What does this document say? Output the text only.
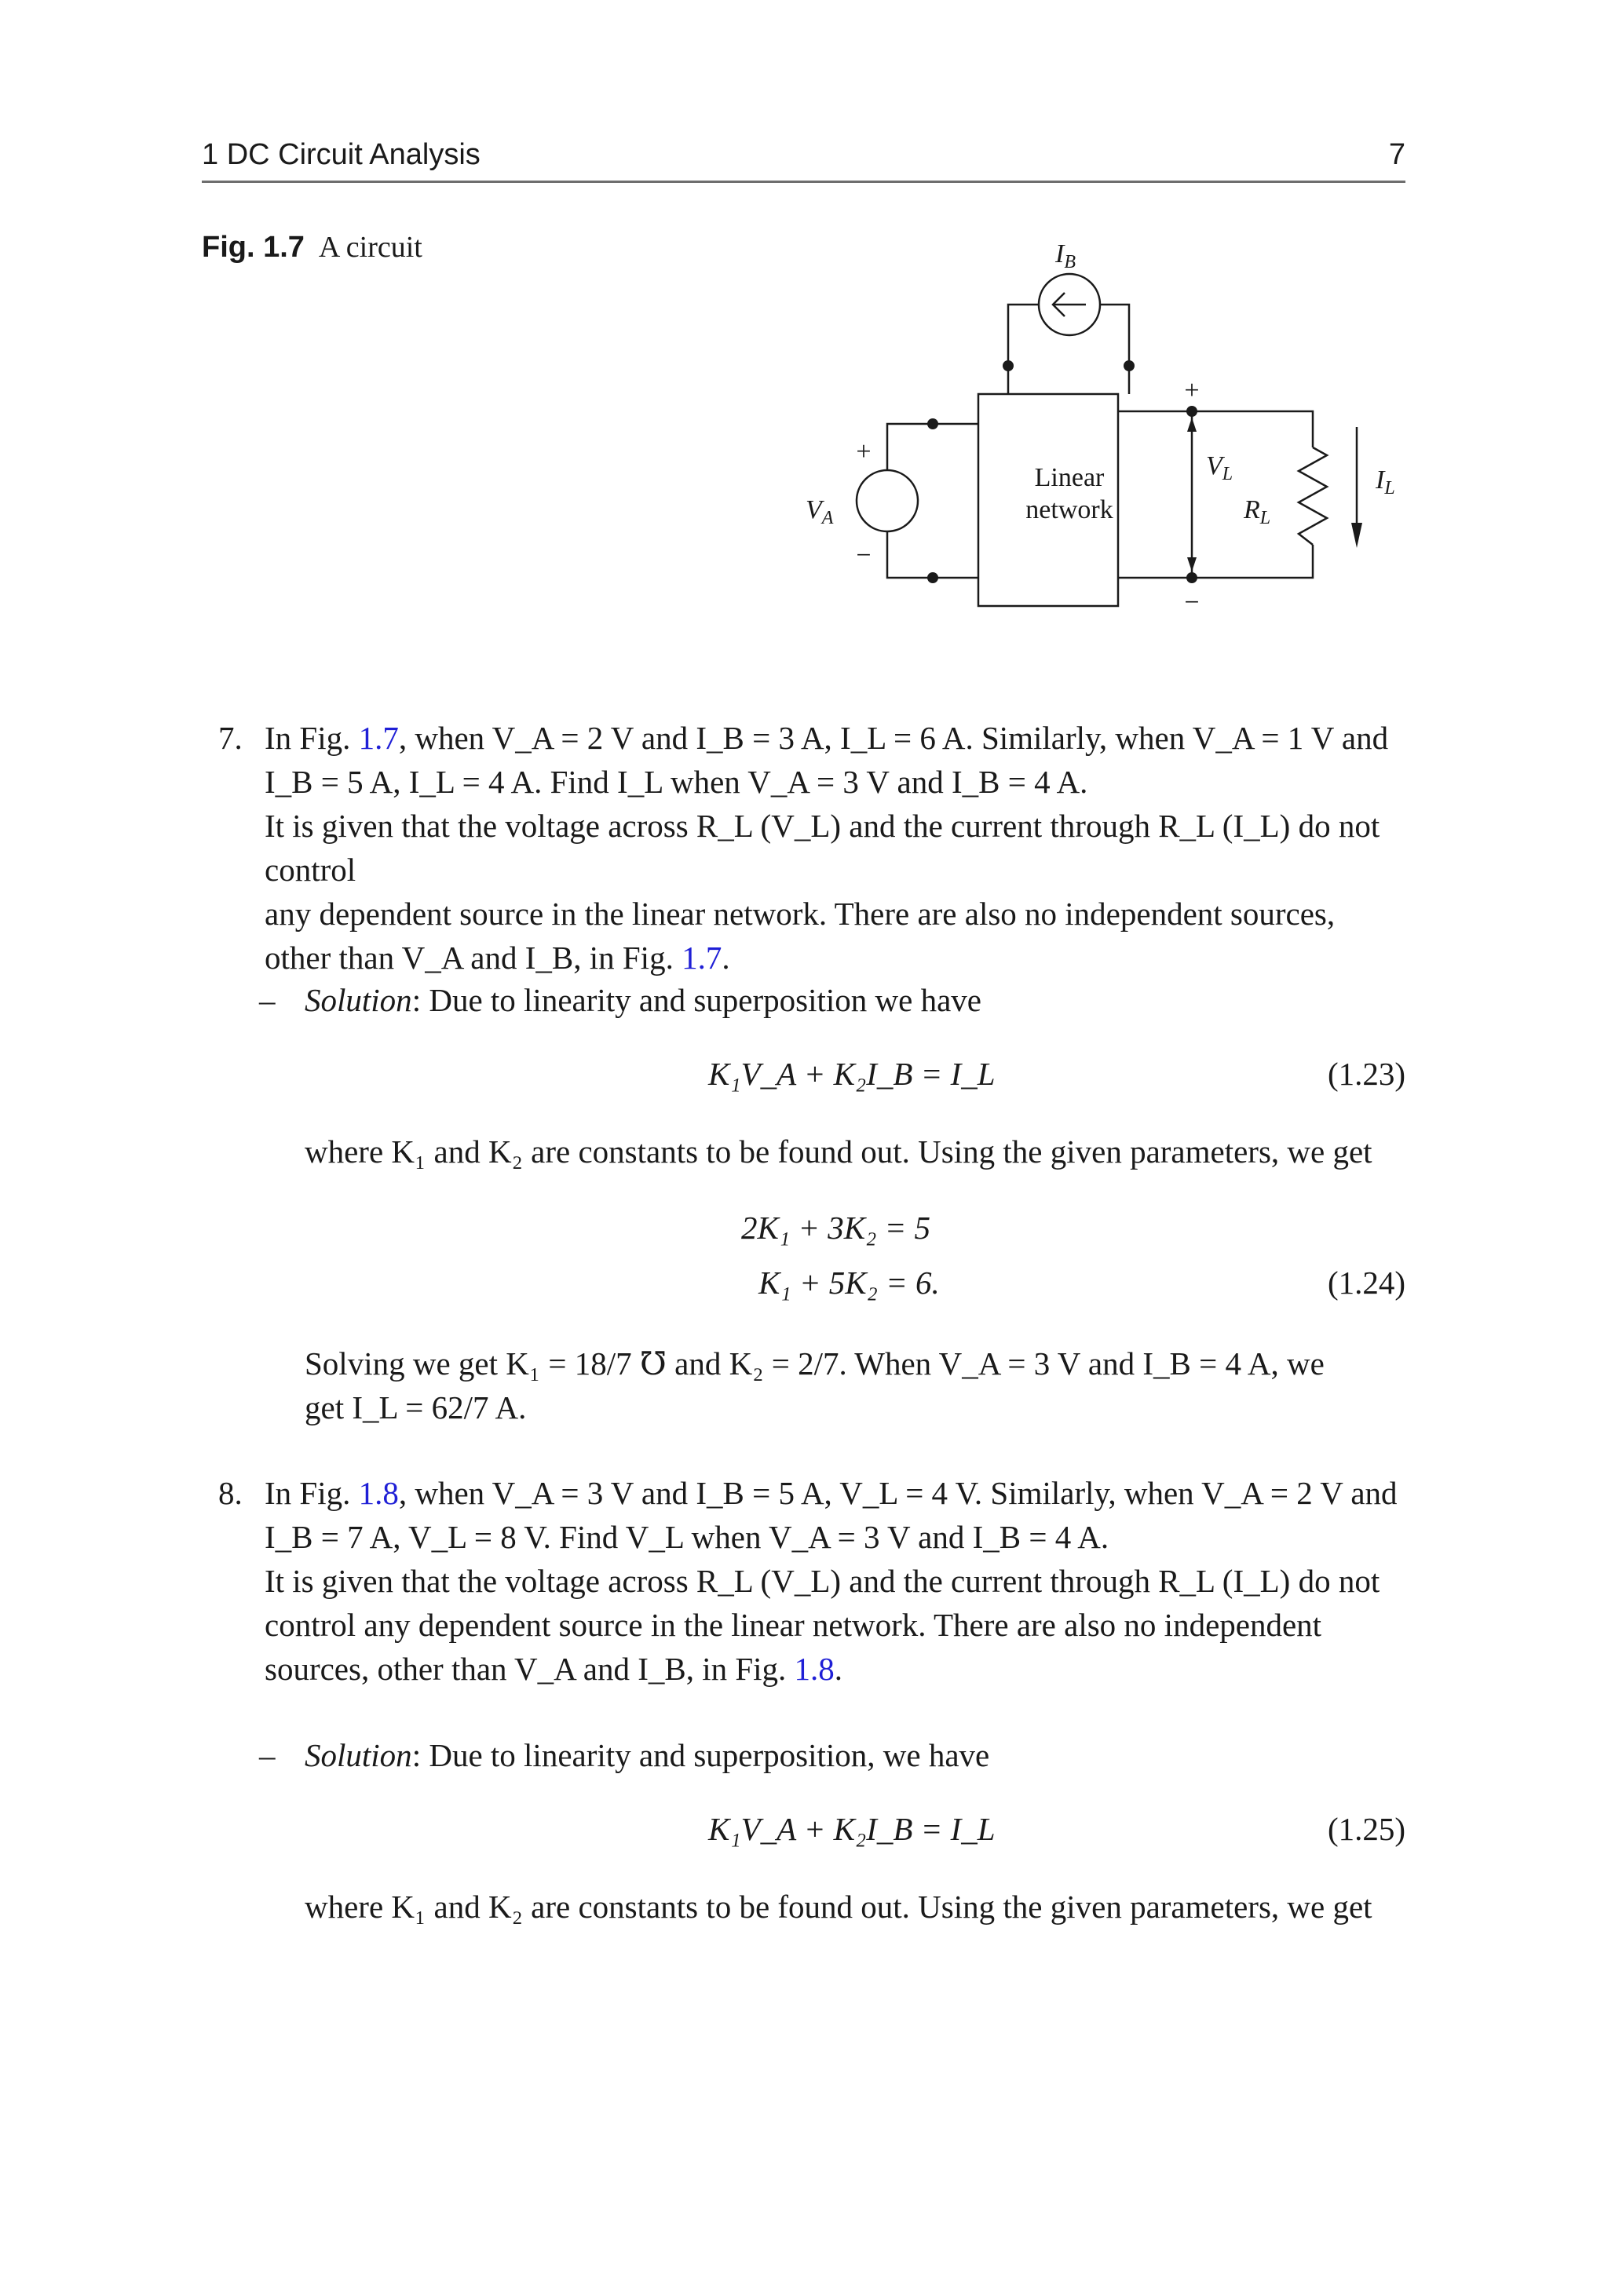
1 DC Circuit Analysis	7
Fig. 1.7 A circuit
Linear
network
$I_B$
$V_A$
$V_L$
$R_L$
$I_L$
+
−
+
−
7. In Fig. 1.7, when V_A = 2 V and I_B = 3 A, I_L = 6 A. Similarly, when V_A = 1 V and
I_B = 5 A, I_L = 4 A. Find I_L when V_A = 3 V and I_B = 4 A.
It is given that the voltage across R_L (V_L) and the current through R_L (I_L) do not control
any dependent source in the linear network. There are also no independent sources,
other than V_A and I_B, in Fig. 1.7.
– Solution: Due to linearity and superposition we have
K₁V_A + K₂I_B = I_L	(1.23)
where K₁ and K₂ are constants to be found out. Using the given parameters, we get
2K₁ + 3K₂ = 5
K₁ + 5K₂ = 6.	(1.24)
Solving we get K₁ = 18/7 ℧ and K₂ = 2/7. When V_A = 3 V and I_B = 4 A, we
get I_L = 62/7 A.
8. In Fig. 1.8, when V_A = 3 V and I_B = 5 A, V_L = 4 V. Similarly, when V_A = 2 V and
I_B = 7 A, V_L = 8 V. Find V_L when V_A = 3 V and I_B = 4 A.
It is given that the voltage across R_L (V_L) and the current through R_L (I_L) do not
control any dependent source in the linear network. There are also no independent
sources, other than V_A and I_B, in Fig. 1.8.
– Solution: Due to linearity and superposition, we have
K₁V_A + K₂I_B = I_L	(1.25)
where K₁ and K₂ are constants to be found out. Using the given parameters, we get
